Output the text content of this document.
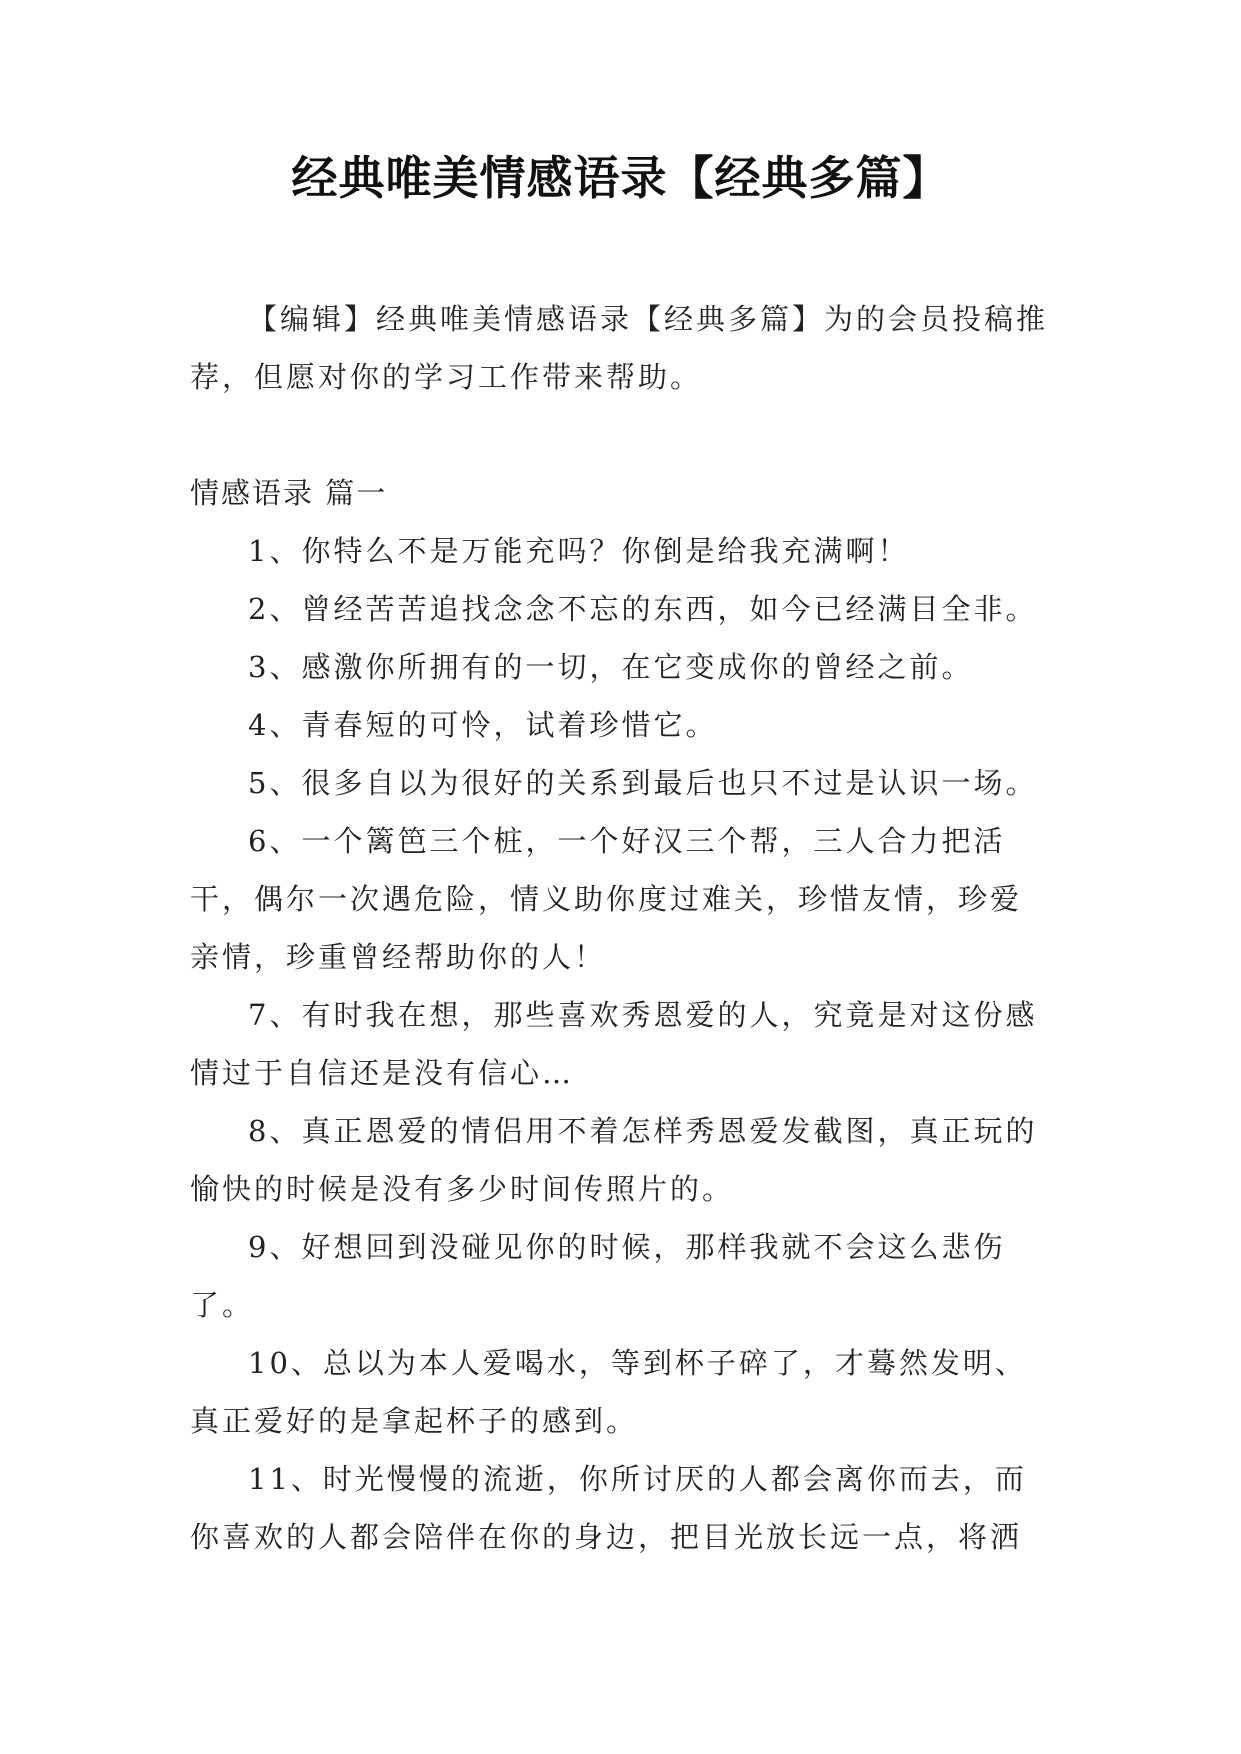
经典唯美情感语录【经典多篇】

【编辑】经典唯美情感语录【经典多篇】为的会员投稿推荐，但愿对你的学习工作带来帮助。

情感语录 篇一

1、你特么不是万能充吗？你倒是给我充满啊！

2、曾经苦苦追找念念不忘的东西，如今已经满目全非。

3、感激你所拥有的一切，在它变成你的曾经之前。

4、青春短的可怜，试着珍惜它。

5、很多自以为很好的关系到最后也只不过是认识一场。

6、一个篱笆三个桩，一个好汉三个帮，三人合力把活干，偶尔一次遇危险，情义助你度过难关，珍惜友情，珍爱亲情，珍重曾经帮助你的人！

7、有时我在想，那些喜欢秀恩爱的人，究竟是对这份感情过于自信还是没有信心…

8、真正恩爱的情侣用不着怎样秀恩爱发截图，真正玩的愉快的时候是没有多少时间传照片的。

9、好想回到没碰见你的时候，那样我就不会这么悲伤了。

10、总以为本人爱喝水，等到杯子碎了，才蓦然发明、真正爱好的是拿起杯子的感到。

11、时光慢慢的流逝，你所讨厌的人都会离你而去，而你喜欢的人都会陪伴在你的身边，把目光放长远一点，将洒
